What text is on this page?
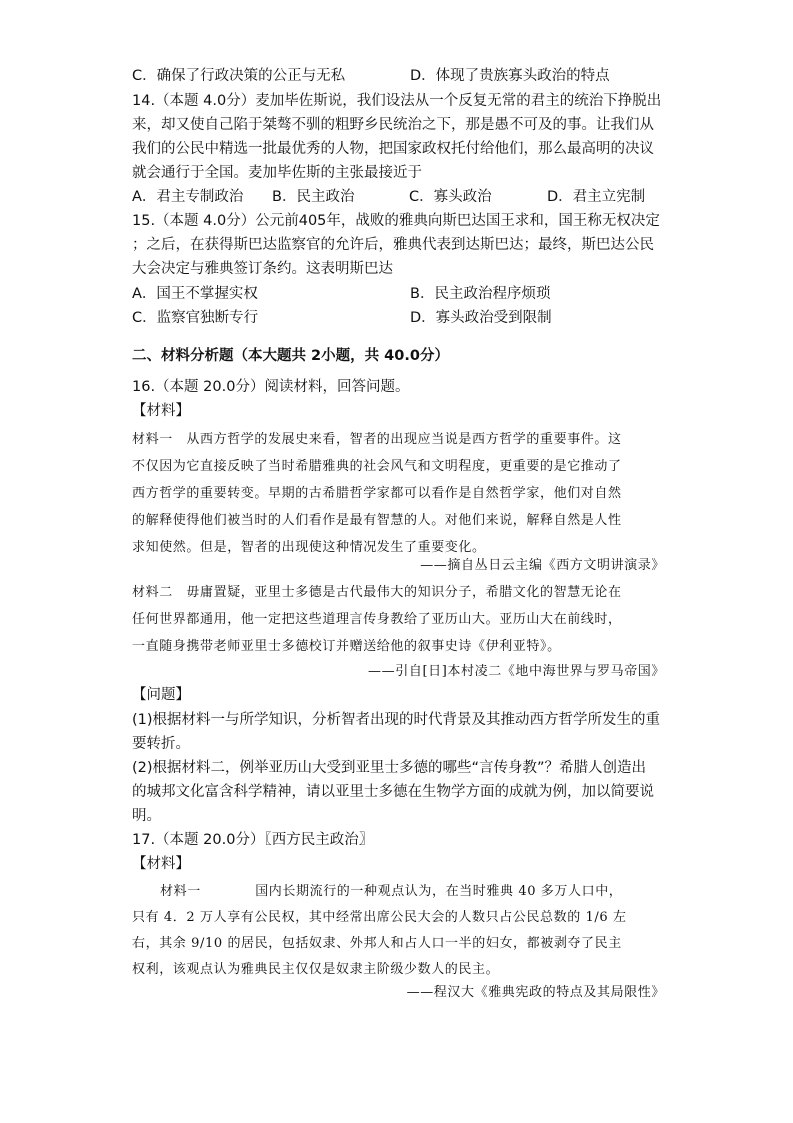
C．确保了行政决策的公正与无私	D．体现了贵族寡头政治的特点
14.（本题 4.0分）麦加毕佐斯说，我们设法从一个反复无常的君主的统治下挣脱出
来，却又使自己陷于桀骜不驯的粗野乡民统治之下，那是愚不可及的事。让我们从
我们的公民中精选一批最优秀的人物，把国家政权托付给他们，那么最高明的决议
就会通行于全国。麦加毕佐斯的主张最接近于
A．君主专制政治 B．民主政治	C．寡头政治	D．君主立宪制
15.（本题 4.0分）公元前405年，战败的雅典向斯巴达国王求和，国王称无权决定
；之后，在获得斯巴达监察官的允许后，雅典代表到达斯巴达；最终，斯巴达公民
大会决定与雅典签订条约。这表明斯巴达
A．国王不掌握实权	B．民主政治程序烦琐
C．监察官独断专行	D．寡头政治受到限制
二、材料分析题（本大题共 2小题，共 40.0分）
16.（本题 20.0分）阅读材料，回答问题。
【材料】
材料一　从西方哲学的发展史来看，智者的出现应当说是西方哲学的重要事件。这
不仅因为它直接反映了当时希腊雅典的社会风气和文明程度，更重要的是它推动了
西方哲学的重要转变。早期的古希腊哲学家都可以看作是自然哲学家，他们对自然
的解释使得他们被当时的人们看作是最有智慧的人。对他们来说，解释自然是人性
求知使然。但是，智者的出现使这种情况发生了重要变化。
——摘自丛日云主编《西方文明讲演录》
材料二　毋庸置疑，亚里士多德是古代最伟大的知识分子，希腊文化的智慧无论在
任何世界都通用，他一定把这些道理言传身教给了亚历山大。亚历山大在前线时，
一直随身携带老师亚里士多德校订并赠送给他的叙事史诗《伊利亚特》。
——引自[日]本村凌二《地中海世界与罗马帝国》
【问题】
(1)根据材料一与所学知识，分析智者出现的时代背景及其推动西方哲学所发生的重
要转折。
(2)根据材料二，例举亚历山大受到亚里士多德的哪些“言传身教”？希腊人创造出
的城邦文化富含科学精神，请以亚里士多德在生物学方面的成就为例，加以简要说
明。
17.（本题 20.0分）〖西方民主政治〗
【材料】
材料一　　　　国内长期流行的一种观点认为，在当时雅典 40 多万人口中，
只有 4．2 万人享有公民权，其中经常出席公民大会的人数只占公民总数的 1/6 左
右，其余 9/10 的居民，包括奴隶、外邦人和占人口一半的妇女，都被剥夺了民主
权利，该观点认为雅典民主仅仅是奴隶主阶级少数人的民主。
——程汉大《雅典宪政的特点及其局限性》
